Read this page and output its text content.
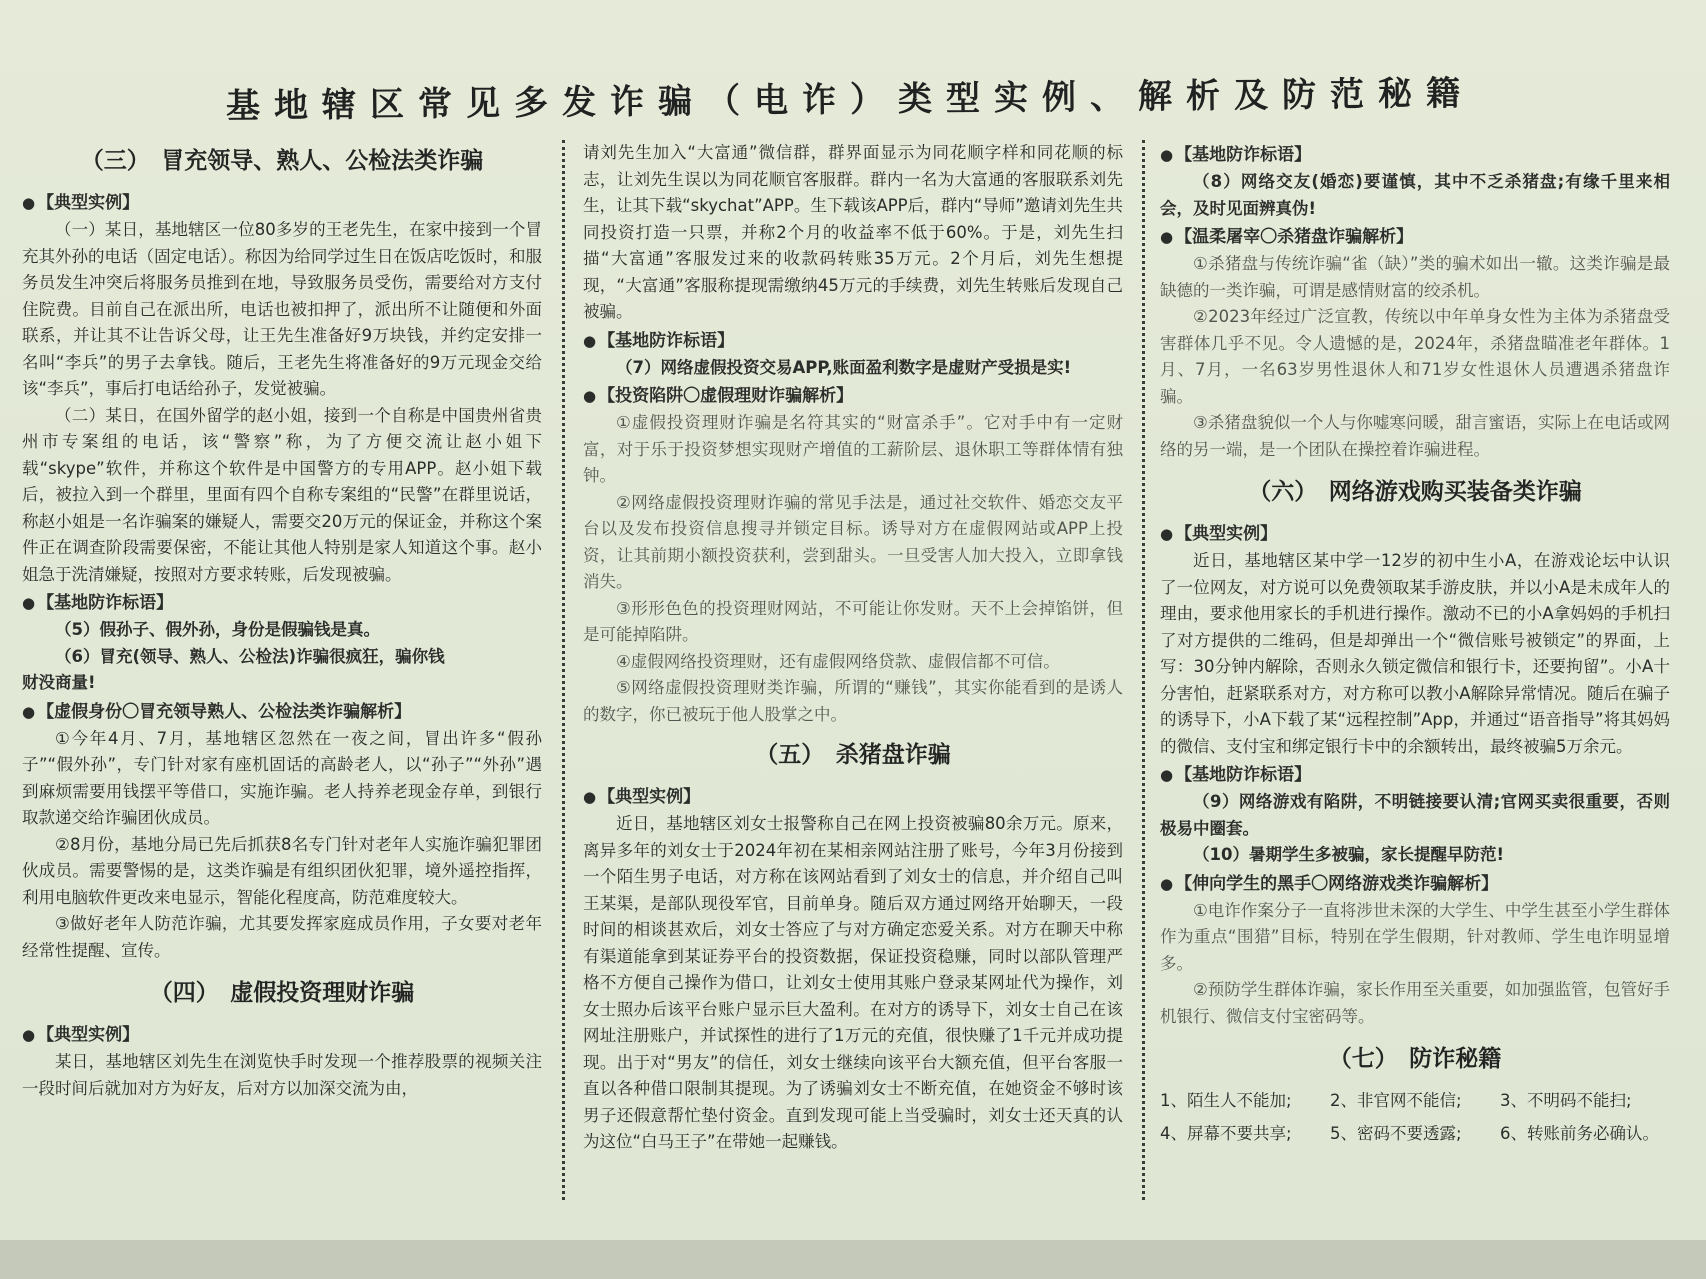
基地辖区常见多发诈骗（电诈）类型实例、解析及防范秘籍
（三）　冒充领导、熟人、公检法类诈骗
● 【典型实例】

（一）某日，基地辖区一位80多岁的王老先生，在家中接到一个冒充其外孙的电话（固定电话）。称因为给同学过生日在饭店吃饭时，和服务员发生冲突后将服务员推到在地，导致服务员受伤，需要给对方支付住院费。目前自己在派出所，电话也被扣押了，派出所不让随便和外面联系，并让其不让告诉父母，让王先生准备好9万块钱，并约定安排一名叫“李兵”的男子去拿钱。随后，王老先生将准备好的9万元现金交给该“李兵”，事后打电话给孙子，发觉被骗。

（二）某日，在国外留学的赵小姐，接到一个自称是中国贵州省贵州市专案组的电话，该“警察”称，为了方便交流让赵小姐下载“skype”软件，并称这个软件是中国警方的专用APP。赵小姐下载后，被拉入到一个群里，里面有四个自称专案组的“民警”在群里说话，称赵小姐是一名诈骗案的嫌疑人，需要交20万元的保证金，并称这个案件正在调查阶段需要保密，不能让其他人特别是家人知道这个事。赵小姐急于洗清嫌疑，按照对方要求转账，后发现被骗。

● 【基地防诈标语】

（5）假孙子、假外孙，身份是假骗钱是真。

（6）冒充(领导、熟人、公检法)诈骗很疯狂，骗你钱

财没商量!

● 【虚假身份〇冒充领导熟人、公检法类诈骗解析】

①今年4月、7月，基地辖区忽然在一夜之间，冒出许多“假孙子”“假外孙”，专门针对家有座机固话的高龄老人，以“孙子”“外孙”遇到麻烦需要用钱摆平等借口，实施诈骗。老人持养老现金存单，到银行取款递交给诈骗团伙成员。

②8月份，基地分局已先后抓获8名专门针对老年人实施诈骗犯罪团伙成员。需要警惕的是，这类诈骗是有组织团伙犯罪，境外遥控指挥，利用电脑软件更改来电显示，智能化程度高，防范难度较大。

③做好老年人防范诈骗，尤其要发挥家庭成员作用，子女要对老年经常性提醒、宣传。

（四）　虚假投资理财诈骗
● 【典型实例】

某日，基地辖区刘先生在浏览快手时发现一个推荐股票的视频关注一段时间后就加对方为好友，后对方以加深交流为由，

请刘先生加入“大富通”微信群，群界面显示为同花顺字样和同花顺的标志，让刘先生误以为同花顺官客服群。群内一名为大富通的客服联系刘先生，让其下载“skychat”APP。生下载该APP后，群内“导师”邀请刘先生共同投资打造一只票，并称2个月的收益率不低于60%。于是，刘先生扫描“大富通”客服发过来的收款码转账35万元。2个月后，刘先生想提现，“大富通”客服称提现需缴纳45万元的手续费，刘先生转账后发现自己被骗。

● 【基地防诈标语】

（7）网络虚假投资交易APP,账面盈利数字是虚财产受损是实!

● 【投资陷阱〇虚假理财诈骗解析】

①虚假投资理财诈骗是名符其实的“财富杀手”。它对手中有一定财富，对于乐于投资梦想实现财产增值的工薪阶层、退休职工等群体情有独钟。

②网络虚假投资理财诈骗的常见手法是，通过社交软件、婚恋交友平台以及发布投资信息搜寻并锁定目标。诱导对方在虚假网站或APP上投资，让其前期小额投资获利，尝到甜头。一旦受害人加大投入，立即拿钱消失。

③形形色色的投资理财网站，不可能让你发财。天不上会掉馅饼，但是可能掉陷阱。

④虚假网络投资理财，还有虚假网络贷款、虚假信都不可信。

⑤网络虚假投资理财类诈骗，所谓的“赚钱”，其实你能看到的是诱人的数字，你已被玩于他人股掌之中。

（五）　杀猪盘诈骗
● 【典型实例】

近日，基地辖区刘女士报警称自己在网上投资被骗80余万元。原来，离异多年的刘女士于2024年初在某相亲网站注册了账号，今年3月份接到一个陌生男子电话，对方称在该网站看到了刘女士的信息，并介绍自己叫王某渠，是部队现役军官，目前单身。随后双方通过网络开始聊天，一段时间的相谈甚欢后，刘女士答应了与对方确定恋爱关系。对方在聊天中称有渠道能拿到某证券平台的投资数据，保证投资稳赚，同时以部队管理严格不方便自己操作为借口，让刘女士使用其账户登录某网址代为操作，刘女士照办后该平台账户显示巨大盈利。在对方的诱导下，刘女士自己在该网址注册账户，并试探性的进行了1万元的充值，很快赚了1千元并成功提现。出于对“男友”的信任，刘女士继续向该平台大额充值，但平台客服一直以各种借口限制其提现。为了诱骗刘女士不断充值，在她资金不够时该男子还假意帮忙垫付资金。直到发现可能上当受骗时，刘女士还天真的认为这位“白马王子”在带她一起赚钱。

● 【基地防诈标语】

（8）网络交友(婚恋)要谨慎，其中不乏杀猪盘;有缘千里来相会，及时见面辨真伪!

● 【温柔屠宰〇杀猪盘诈骗解析】

①杀猪盘与传统诈骗“雀（缺）”类的骗术如出一辙。这类诈骗是最缺德的一类诈骗，可谓是感情财富的绞杀机。

②2023年经过广泛宣教，传统以中年单身女性为主体为杀猪盘受害群体几乎不见。令人遗憾的是，2024年，杀猪盘瞄准老年群体。1月、7月，一名63岁男性退休人和71岁女性退休人员遭遇杀猪盘诈骗。

③杀猪盘貌似一个人与你嘘寒问暖，甜言蜜语，实际上在电话或网络的另一端，是一个团队在操控着诈骗进程。

（六）　网络游戏购买装备类诈骗
● 【典型实例】

近日，基地辖区某中学一12岁的初中生小A，在游戏论坛中认识了一位网友，对方说可以免费领取某手游皮肤，并以小A是未成年人的理由，要求他用家长的手机进行操作。激动不已的小A拿妈妈的手机扫了对方提供的二维码，但是却弹出一个“微信账号被锁定”的界面，上写：30分钟内解除，否则永久锁定微信和银行卡，还要拘留”。小A十分害怕，赶紧联系对方，对方称可以教小A解除异常情况。随后在骗子的诱导下，小A下载了某“远程控制”App，并通过“语音指导”将其妈妈的微信、支付宝和绑定银行卡中的余额转出，最终被骗5万余元。

● 【基地防诈标语】

（9）网络游戏有陷阱，不明链接要认清;官网买卖很重要，否则极易中圈套。

（10）暑期学生多被骗，家长提醒早防范!

● 【伸向学生的黑手〇网络游戏类诈骗解析】

①电诈作案分子一直将涉世未深的大学生、中学生甚至小学生群体作为重点“围猎”目标，特别在学生假期，针对教师、学生电诈明显增多。

②预防学生群体诈骗，家长作用至关重要，如加强监管，包管好手机银行、微信支付宝密码等。

（七）　防诈秘籍
1、陌生人不能加;	2、非官网不能信;	3、不明码不能扫;
4、屏幕不要共享;	5、密码不要透露;	6、转账前务必确认。
